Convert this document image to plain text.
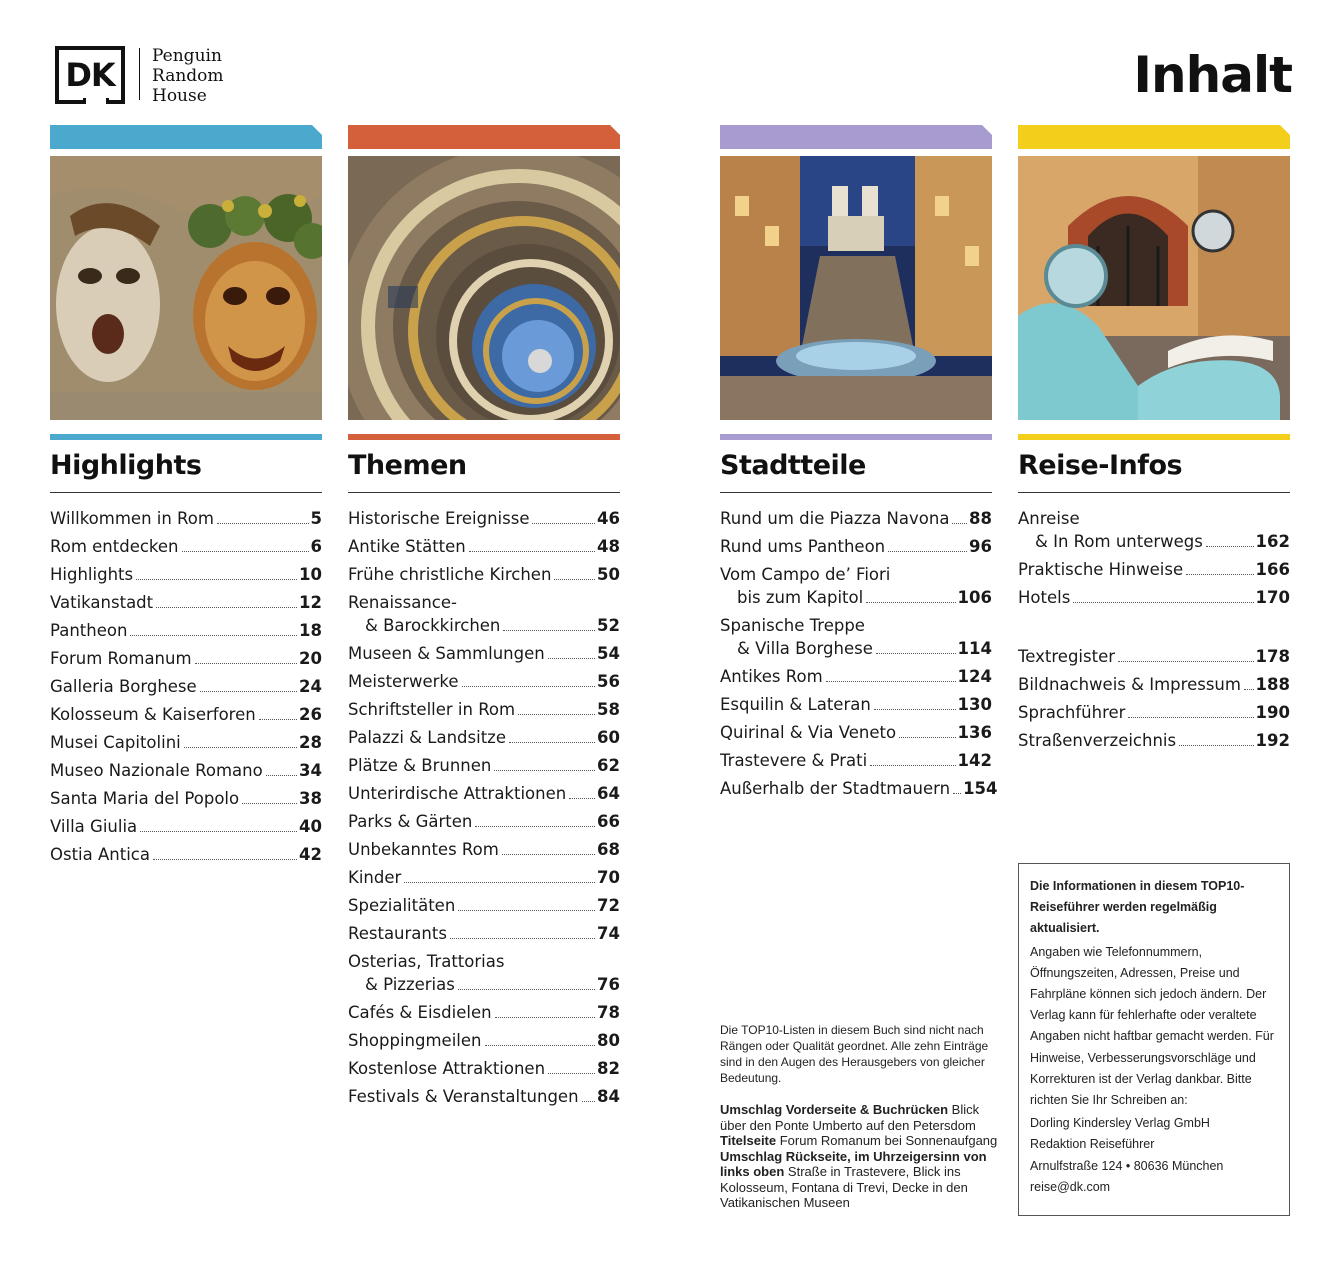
DK Penguin
Random
House	Inhalt
Highlights
Willkommen in Rom	5
Rom entdecken	6
Highlights	10
Vatikanstadt	12
Pantheon	18
Forum Romanum	20
Galleria Borghese	24
Kolosseum & Kaiserforen	26
Musei Capitolini	28
Museo Nazionale Romano 34
Santa Maria del Popolo	38
Villa Giulia	40
Ostia Antica	42
Themen
Historische Ereignisse	46
Antike Stätten	48
Frühe christliche Kirchen	50
Renaissance-
& Barockkirchen	52
Museen & Sammlungen	54
Meisterwerke	56
Schriftsteller in Rom	58
Palazzi & Landsitze	60
Plätze & Brunnen	62
Unterirdische Attraktionen 64
Parks & Gärten	66
Unbekanntes Rom	68
Kinder	70
Spezialitäten	72
Restaurants	74
Osterias, Trattorias
& Pizzerias	76
Cafés & Eisdielen	78
Shoppingmeilen	80
Kostenlose Attraktionen	82
Festivals & Veranstaltungen 84
Stadtteile
Rund um die Piazza Navona 88
Rund ums Pantheon	96
Vom Campo de’ Fiori
bis zum Kapitol	106
Spanische Treppe
& Villa Borghese	114
Antikes Rom	124
Esquilin & Lateran	130
Quirinal & Via Veneto	136
Trastevere & Prati	142
Außerhalb der Stadtmauern 154
Reise-Infos
Anreise
& In Rom unterwegs	162
Praktische Hinweise	166
Hotels	170
Textregister	178
Bildnachweis & Impressum 188
Sprachführer	190
Straßenverzeichnis	192
Die TOP10-Listen in diesem Buch sind nicht nach Rängen oder Qualität geordnet. Alle zehn Einträge sind in den Augen des Herausgebers von gleicher Bedeutung.
Umschlag Vorderseite & Buchrücken Blick über den Ponte Umberto auf den Petersdom
Titelseite Forum Romanum bei Sonnenaufgang
Umschlag Rückseite, im Uhrzeigersinn von links oben Straße in Trastevere, Blick ins Kolosseum, Fontana di Trevi, Decke in den Vatikanischen Museen
Die Informationen in diesem TOP10-Reiseführer werden regelmäßig aktualisiert.
Angaben wie Telefonnummern, Öffnungszeiten, Adressen, Preise und Fahrpläne können sich jedoch ändern. Der Verlag kann für fehlerhafte oder veraltete Angaben nicht haftbar gemacht werden. Für Hinweise, Verbesserungsvorschläge und Korrekturen ist der Verlag dankbar. Bitte richten Sie Ihr Schreiben an:
Dorling Kindersley Verlag GmbH
Redaktion Reiseführer
Arnulfstraße 124 • 80636 München
reise@dk.com
